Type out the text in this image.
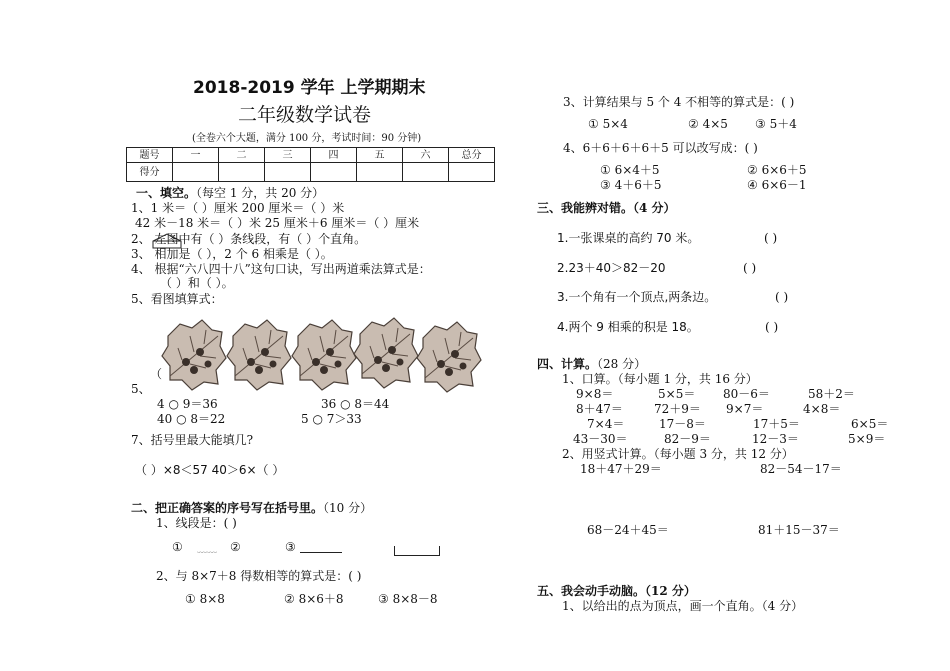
2018-2019 学年 上学期期末
二年级数学试卷
(全卷六个大题，满分 100 分，考试时间：90 分钟)
题号	一	二	三	四	五	六	总分
得分							
一、填空。（每空 1 分，共 20 分）
1、1 米＝（ ）厘米 200 厘米＝（ ）米
42 米－18 米＝（ ）米 25 厘米＋6 厘米＝（ ）厘米
2、 左图中有（ ）条线段，有（ ）个直角。
3、 相加是（ ），2 个 6 相乘是（ ）。
4、 根据“六八四十八”这句口诀，写出两道乘法算式是：
（ ）和（ ）。
5、看图填算式：
（
5、
4 ○ 9＝36	36 ○ 8＝44
40 ○ 8＝22	5 ○ 7＞33
7、括号里最大能填几?
（ ）×8＜57 40＞6×（ ）
二、把正确答案的序号写在括号里。（10 分）
1、线段是：( )
① ﹏﹏ ②	③
2、与 8×7＋8 得数相等的算式是：( )
① 8×8	② 8×6＋8	③ 8×8－8
3、计算结果与 5 个 4 不相等的算式是：( )
① 5×4	② 4×5 ③ 5＋4
4、6＋6＋6＋6＋5 可以改写成：( )
① 6×4＋5	② 6×6＋5
③ 4＋6＋5	④ 6×6－1
三、我能辨对错。（4 分）
1.一张课桌的高约 70 米。	( )
2.23＋40＞82－20	( )
3.一个角有一个顶点,两条边。	( )
4.两个 9 相乘的积是 18。	( )
四、计算。（28 分）
1、口算。（每小题 1 分，共 16 分）
9×8＝	5×5＝ 80－6＝	58＋2＝
8＋47＝	72＋9＝ 9×7＝	4×8＝
7×4＝	17－8＝	17＋5＝	6×5＝
43－30＝	82－9＝	12－3＝	5×9＝
2、用竖式计算。（每小题 3 分，共 12 分）
18＋47＋29＝	82－54－17＝
68－24＋45＝	81＋15－37＝
五、我会动手动脑。（12 分）
1、以给出的点为顶点，画一个直角。（4 分）
